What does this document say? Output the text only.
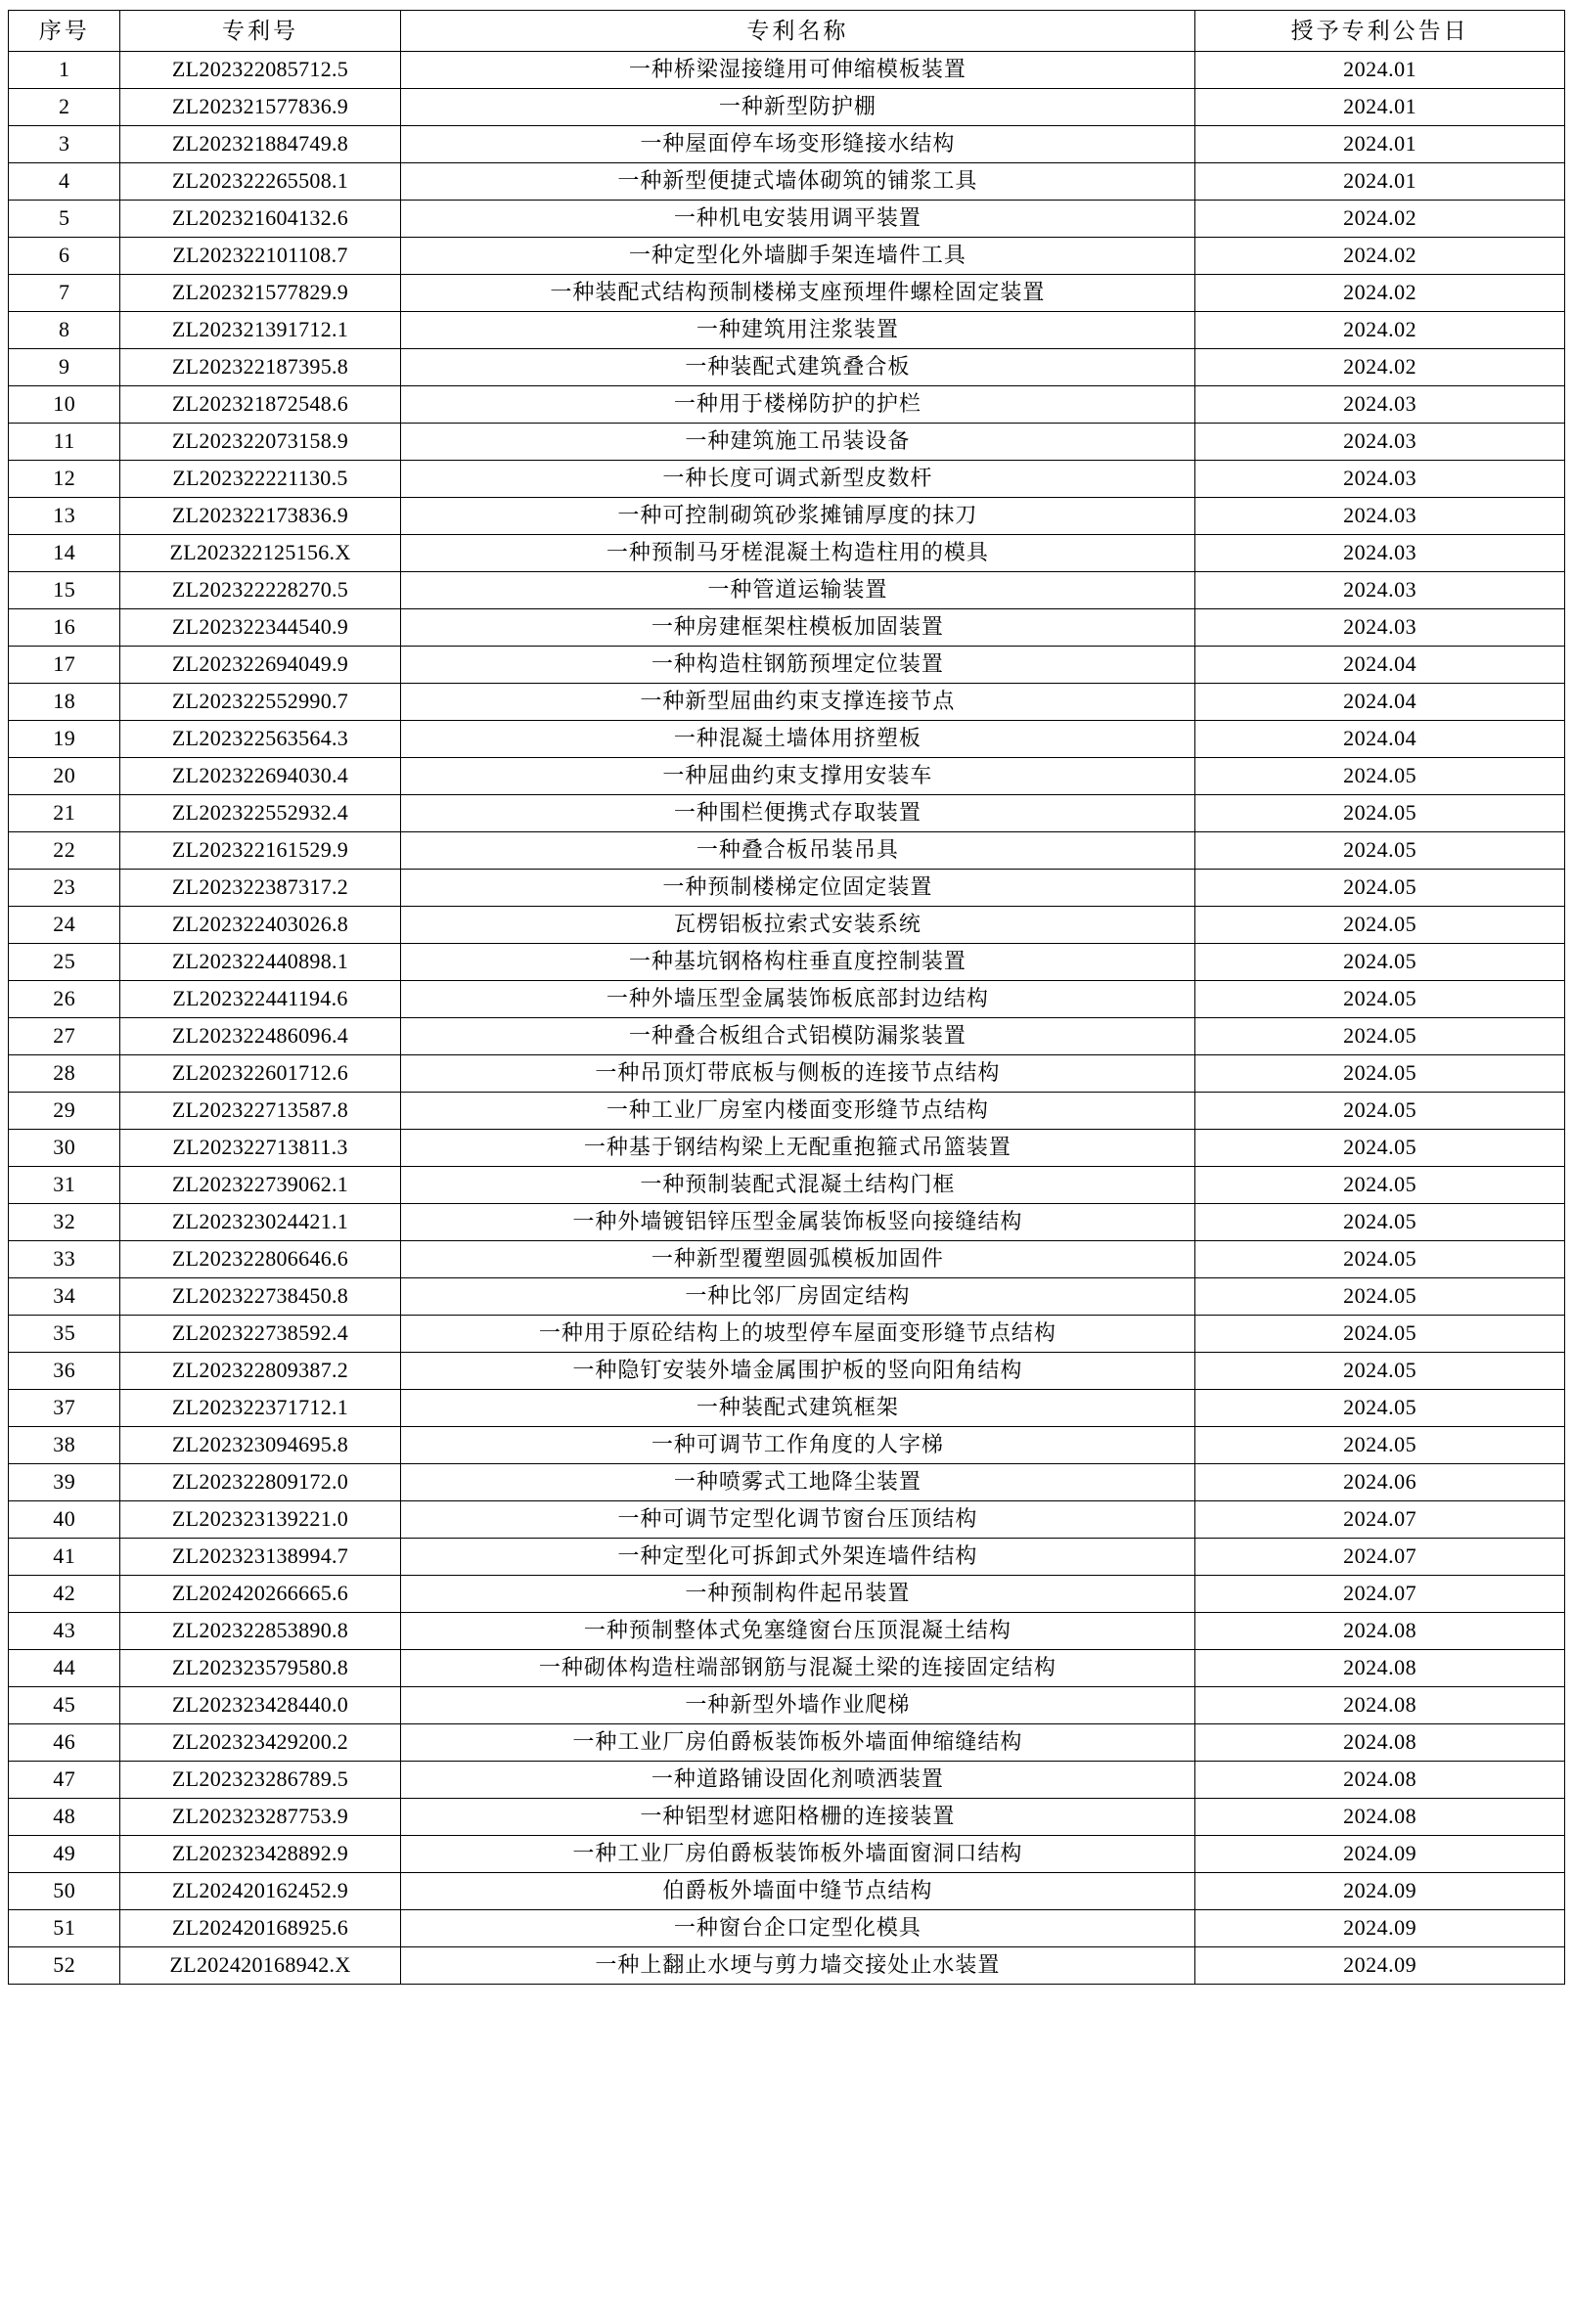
序号	专利号	专利名称	授予专利公告日
1	ZL202322085712.5	一种桥梁湿接缝用可伸缩模板装置	2024.01
2	ZL202321577836.9	一种新型防护棚	2024.01
3	ZL202321884749.8	一种屋面停车场变形缝接水结构	2024.01
4	ZL202322265508.1	一种新型便捷式墙体砌筑的铺浆工具	2024.01
5	ZL202321604132.6	一种机电安装用调平装置	2024.02
6	ZL202322101108.7	一种定型化外墙脚手架连墙件工具	2024.02
7	ZL202321577829.9	一种装配式结构预制楼梯支座预埋件螺栓固定装置	2024.02
8	ZL202321391712.1	一种建筑用注浆装置	2024.02
9	ZL202322187395.8	一种装配式建筑叠合板	2024.02
10	ZL202321872548.6	一种用于楼梯防护的护栏	2024.03
11	ZL202322073158.9	一种建筑施工吊装设备	2024.03
12	ZL202322221130.5	一种长度可调式新型皮数杆	2024.03
13	ZL202322173836.9	一种可控制砌筑砂浆摊铺厚度的抹刀	2024.03
14	ZL202322125156.X	一种预制马牙槎混凝土构造柱用的模具	2024.03
15	ZL202322228270.5	一种管道运输装置	2024.03
16	ZL202322344540.9	一种房建框架柱模板加固装置	2024.03
17	ZL202322694049.9	一种构造柱钢筋预埋定位装置	2024.04
18	ZL202322552990.7	一种新型屈曲约束支撑连接节点	2024.04
19	ZL202322563564.3	一种混凝土墙体用挤塑板	2024.04
20	ZL202322694030.4	一种屈曲约束支撑用安装车	2024.05
21	ZL202322552932.4	一种围栏便携式存取装置	2024.05
22	ZL202322161529.9	一种叠合板吊装吊具	2024.05
23	ZL202322387317.2	一种预制楼梯定位固定装置	2024.05
24	ZL202322403026.8	瓦楞铝板拉索式安装系统	2024.05
25	ZL202322440898.1	一种基坑钢格构柱垂直度控制装置	2024.05
26	ZL202322441194.6	一种外墙压型金属装饰板底部封边结构	2024.05
27	ZL202322486096.4	一种叠合板组合式铝模防漏浆装置	2024.05
28	ZL202322601712.6	一种吊顶灯带底板与侧板的连接节点结构	2024.05
29	ZL202322713587.8	一种工业厂房室内楼面变形缝节点结构	2024.05
30	ZL202322713811.3	一种基于钢结构梁上无配重抱箍式吊篮装置	2024.05
31	ZL202322739062.1	一种预制装配式混凝土结构门框	2024.05
32	ZL202323024421.1	一种外墙镀铝锌压型金属装饰板竖向接缝结构	2024.05
33	ZL202322806646.6	一种新型覆塑圆弧模板加固件	2024.05
34	ZL202322738450.8	一种比邻厂房固定结构	2024.05
35	ZL202322738592.4	一种用于原砼结构上的坡型停车屋面变形缝节点结构	2024.05
36	ZL202322809387.2	一种隐钉安装外墙金属围护板的竖向阳角结构	2024.05
37	ZL202322371712.1	一种装配式建筑框架	2024.05
38	ZL202323094695.8	一种可调节工作角度的人字梯	2024.05
39	ZL202322809172.0	一种喷雾式工地降尘装置	2024.06
40	ZL202323139221.0	一种可调节定型化调节窗台压顶结构	2024.07
41	ZL202323138994.7	一种定型化可拆卸式外架连墙件结构	2024.07
42	ZL202420266665.6	一种预制构件起吊装置	2024.07
43	ZL202322853890.8	一种预制整体式免塞缝窗台压顶混凝土结构	2024.08
44	ZL202323579580.8	一种砌体构造柱端部钢筋与混凝土梁的连接固定结构	2024.08
45	ZL202323428440.0	一种新型外墙作业爬梯	2024.08
46	ZL202323429200.2	一种工业厂房伯爵板装饰板外墙面伸缩缝结构	2024.08
47	ZL202323286789.5	一种道路铺设固化剂喷洒装置	2024.08
48	ZL202323287753.9	一种铝型材遮阳格栅的连接装置	2024.08
49	ZL202323428892.9	一种工业厂房伯爵板装饰板外墙面窗洞口结构	2024.09
50	ZL202420162452.9	伯爵板外墙面中缝节点结构	2024.09
51	ZL202420168925.6	一种窗台企口定型化模具	2024.09
52	ZL202420168942.X	一种上翻止水埂与剪力墙交接处止水装置	2024.09
